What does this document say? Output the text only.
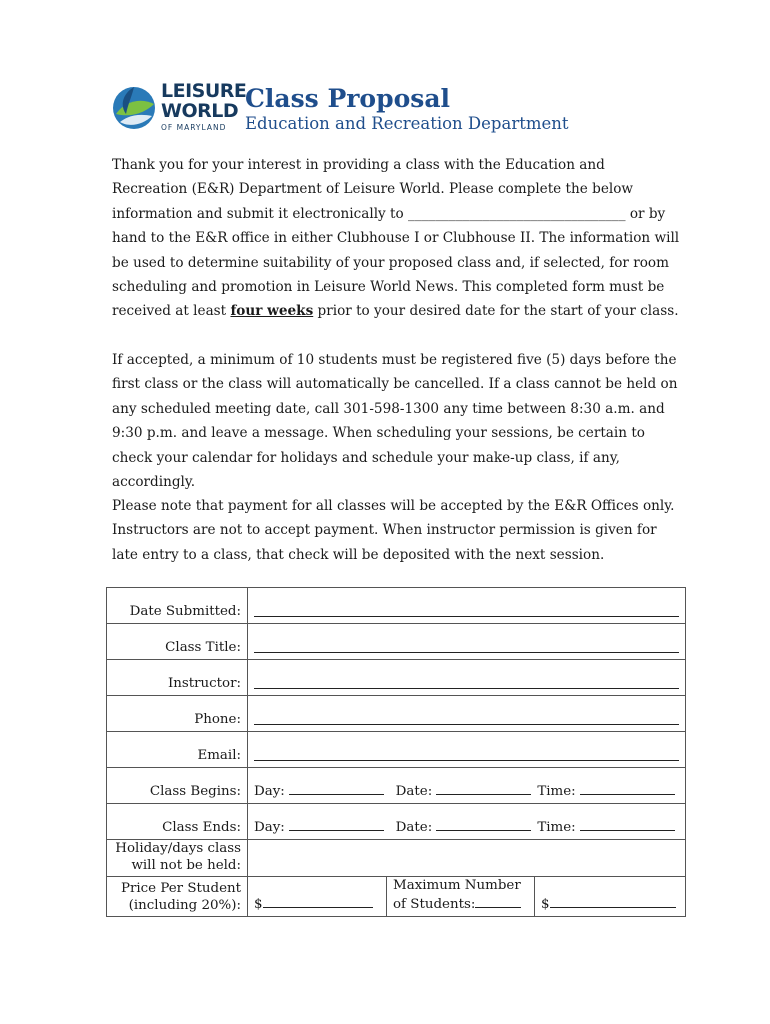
LEISURE
WORLD
OF MARYLAND
Class Proposal
Education and Recreation Department

Thank you for your interest in providing a class with the Education and Recreation (E&R) Department of Leisure World. Please complete the below information and submit it electronically to ________________________________ or by hand to the E&R office in either Clubhouse I or Clubhouse II. The information will be used to determine suitability of your proposed class and, if selected, for room scheduling and promotion in Leisure World News. This completed form must be received at least four weeks prior to your desired date for the start of your class.

If accepted, a minimum of 10 students must be registered five (5) days before the first class or the class will automatically be cancelled. If a class cannot be held on any scheduled meeting date, call 301-598-1300 any time between 8:30 a.m. and 9:30 p.m. and leave a message. When scheduling your sessions, be certain to check your calendar for holidays and schedule your make-up class, if any, accordingly.

Please note that payment for all classes will be accepted by the E&R Offices only. Instructors are not to accept payment. When instructor permission is given for late entry to a class, that check will be deposited with the next session.

Date Submitted:			

Class Title:			

Instructor:			

Phone:			

Email:			

Class Begins:	Day: Date: Time:		

Class Ends:	Day: Date: Time:		

Holiday/days class
will not be held:			
Price Per Student
(including 20%):	$	Maximum Number
of Students:	$
